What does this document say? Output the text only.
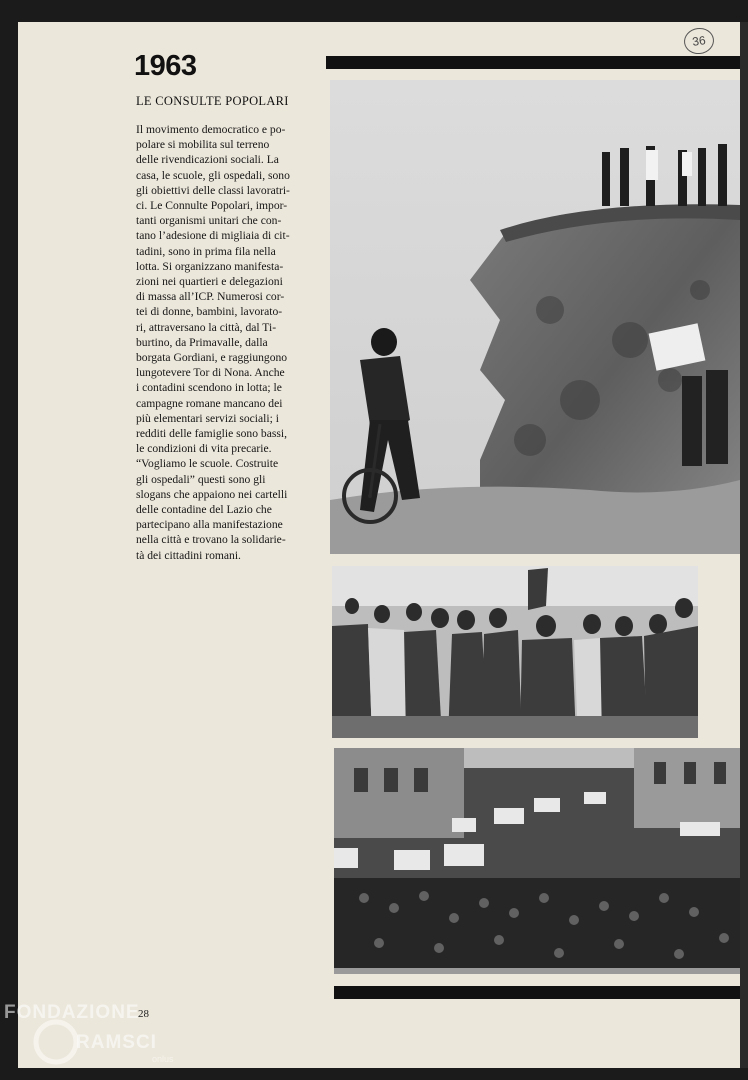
1963
LE CONSULTE POPOLARI
Il movimento democratico e po-
polare si mobilita sul terreno
delle rivendicazioni sociali. La
casa, le scuole, gli ospedali, sono
gli obiettivi delle classi lavoratri-
ci. Le Connulte Popolari, impor-
tanti organismi unitari che con-
tano l’adesione di migliaia di cit-
tadini, sono in prima fila nella
lotta. Si organizzano manifesta-
zioni nei quartieri e delegazioni
di massa all’ICP. Numerosi cor-
tei di donne, bambini, lavorato-
ri, attraversano la città, dal Ti-
burtino, da Primavalle, dalla
borgata Gordiani, e raggiungono
lungotevere Tor di Nona. Anche
i contadini scendono in lotta; le
campagne romane mancano dei
più elementari servizi sociali; i
redditi delle famiglie sono bassi,
le condizioni di vita precarie.
“Vogliamo le scuole. Costruite
gli ospedali” questi sono gli
slogans che appaiono nei cartelli
delle contadine del Lazio che
partecipano alla manifestazione
nella città e trovano la solidarie-
tà dei cittadini romani.
36
28
FONDAZIONE
RAMSCI
onlus
